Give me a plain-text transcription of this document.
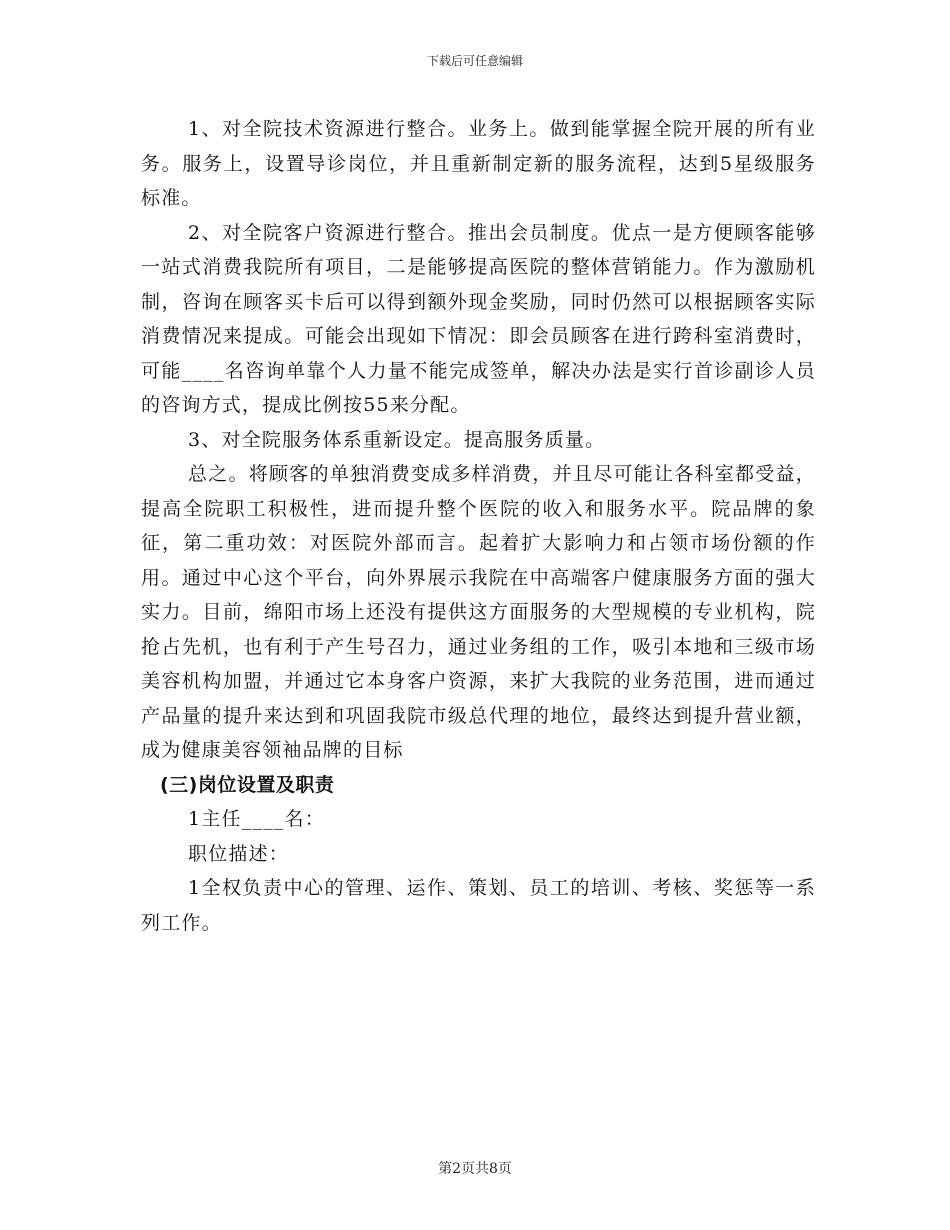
下载后可任意编辑

1、对全院技术资源进行整合。业务上。做到能掌握全院开展的所有业务。服务上，设置导诊岗位，并且重新制定新的服务流程，达到5星级服务标准。

2、对全院客户资源进行整合。推出会员制度。优点一是方便顾客能够一站式消费我院所有项目，二是能够提高医院的整体营销能力。作为激励机制，咨询在顾客买卡后可以得到额外现金奖励，同时仍然可以根据顾客实际消费情况来提成。可能会出现如下情况：即会员顾客在进行跨科室消费时，可能____名咨询单靠个人力量不能完成签单，解决办法是实行首诊副诊人员的咨询方式，提成比例按55来分配。

3、对全院服务体系重新设定。提高服务质量。

总之。将顾客的单独消费变成多样消费，并且尽可能让各科室都受益，提高全院职工积极性，进而提升整个医院的收入和服务水平。院品牌的象征，第二重功效：对医院外部而言。起着扩大影响力和占领市场份额的作用。通过中心这个平台，向外界展示我院在中高端客户健康服务方面的强大实力。目前，绵阳市场上还没有提供这方面服务的大型规模的专业机构，院抢占先机，也有利于产生号召力，通过业务组的工作，吸引本地和三级市场美容机构加盟，并通过它本身客户资源，来扩大我院的业务范围，进而通过产品量的提升来达到和巩固我院市级总代理的地位，最终达到提升营业额，成为健康美容领袖品牌的目标

(三)岗位设置及职责

1主任____名：

职位描述：

1全权负责中心的管理、运作、策划、员工的培训、考核、奖惩等一系列工作。

第2页共8页
